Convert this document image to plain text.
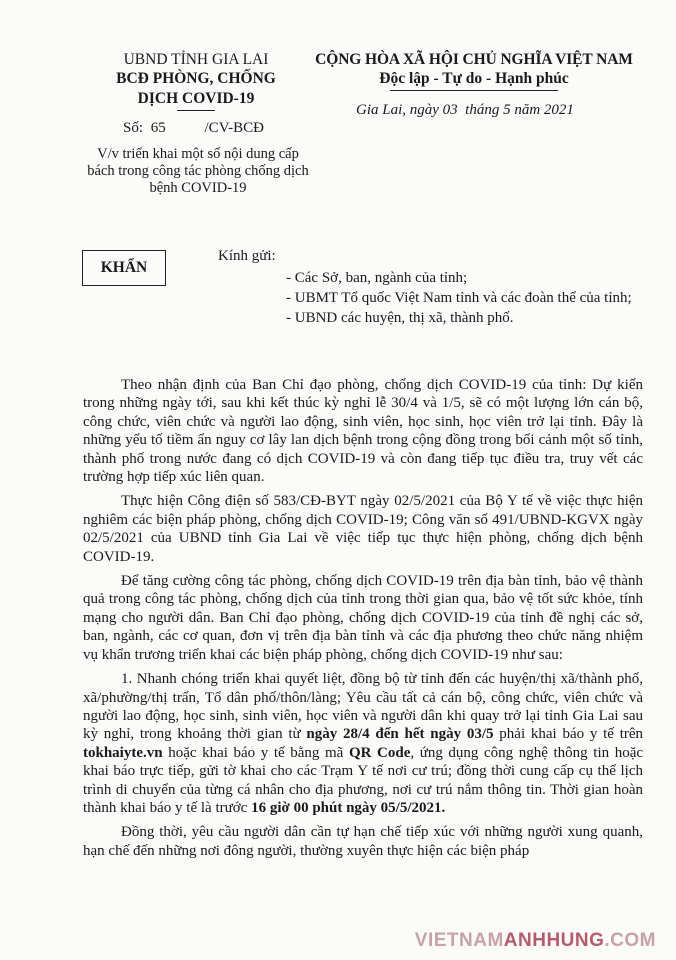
UBND TỈNH GIA LAI
BCĐ PHÒNG, CHỐNG
DỊCH COVID-19
Số: 65	/CV-BCĐ
V/v triển khai một số nội dung cấp bách trong công tác phòng chống dịch bệnh COVID-19
CỘNG HÒA XÃ HỘI CHỦ NGHĨA VIỆT NAM
Độc lập - Tự do - Hạnh phúc
Gia Lai, ngày 03 tháng 5 năm 2021
KHẨN
Kính gửi:
- Các Sở, ban, ngành của tỉnh;
- UBMT Tổ quốc Việt Nam tỉnh và các đoàn thể của tỉnh;
- UBND các huyện, thị xã, thành phố.

Theo nhận định của Ban Chỉ đạo phòng, chống dịch COVID-19 của tỉnh: Dự kiến trong những ngày tới, sau khi kết thúc kỳ nghỉ lễ 30/4 và 1/5, sẽ có một lượng lớn cán bộ, công chức, viên chức và người lao động, sinh viên, học sinh, học viên trở lại tỉnh. Đây là những yếu tố tiềm ẩn nguy cơ lây lan dịch bệnh trong cộng đồng trong bối cảnh một số tỉnh, thành phố trong nước đang có dịch COVID-19 và còn đang tiếp tục điều tra, truy vết các trường hợp tiếp xúc liên quan.

Thực hiện Công điện số 583/CĐ-BYT ngày 02/5/2021 của Bộ Y tế về việc thực hiện nghiêm các biện pháp phòng, chống dịch COVID-19; Công văn số 491/UBND-KGVX ngày 02/5/2021 của UBND tỉnh Gia Lai về việc tiếp tục thực hiện phòng, chống dịch bệnh COVID-19.

Để tăng cường công tác phòng, chống dịch COVID-19 trên địa bàn tỉnh, bảo vệ thành quả trong công tác phòng, chống dịch của tỉnh trong thời gian qua, bảo vệ tốt sức khỏe, tính mạng cho người dân. Ban Chỉ đạo phòng, chống dịch COVID-19 của tỉnh đề nghị các sở, ban, ngành, các cơ quan, đơn vị trên địa bàn tỉnh và các địa phương theo chức năng nhiệm vụ khẩn trương triển khai các biện pháp phòng, chống dịch COVID-19 như sau:

1. Nhanh chóng triển khai quyết liệt, đồng bộ từ tỉnh đến các huyện/thị xã/thành phố, xã/phường/thị trấn, Tổ dân phố/thôn/làng; Yêu cầu tất cả cán bộ, công chức, viên chức và người lao động, học sinh, sinh viên, học viên và người dân khi quay trở lại tỉnh Gia Lai sau kỳ nghỉ, trong khoảng thời gian từ ngày 28/4 đến hết ngày 03/5 phải khai báo y tế trên tokhaiyte.vn hoặc khai báo y tế bằng mã QR Code, ứng dụng công nghệ thông tin hoặc khai báo trực tiếp, gửi tờ khai cho các Trạm Y tế nơi cư trú; đồng thời cung cấp cụ thể lịch trình di chuyển của từng cá nhân cho địa phương, nơi cư trú nắm thông tin. Thời gian hoàn thành khai báo y tế là trước 16 giờ 00 phút ngày 05/5/2021.

Đồng thời, yêu cầu người dân cần tự hạn chế tiếp xúc với những người xung quanh, hạn chế đến những nơi đông người, thường xuyên thực hiện các biện pháp

VIETNAMANHHUNG.COM
